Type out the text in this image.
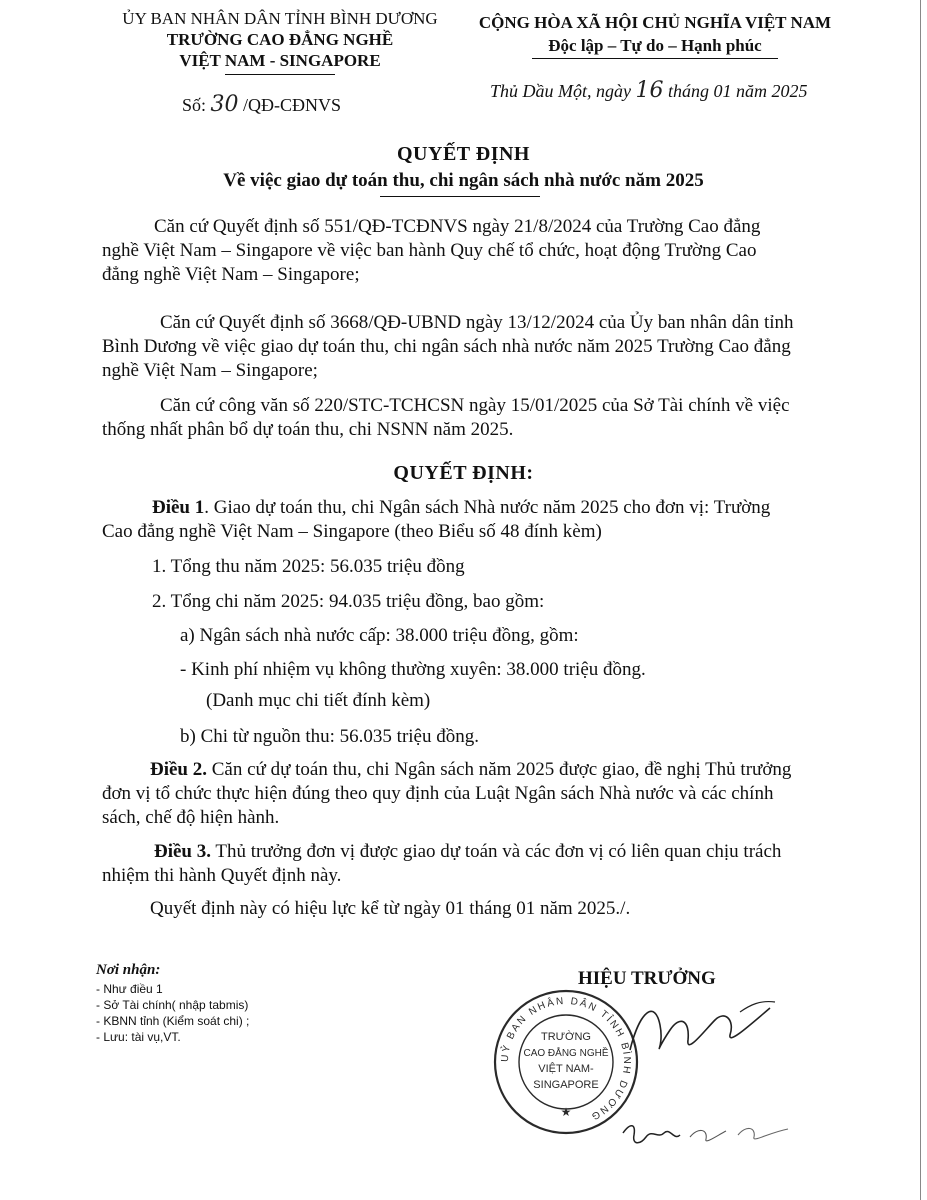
ỦY BAN NHÂN DÂN TỈNH BÌNH DƯƠNG
TRƯỜNG CAO ĐẲNG NGHỀ
VIỆT NAM - SINGAPORE
Số: 30 /QĐ-CĐNVS
CỘNG HÒA XÃ HỘI CHỦ NGHĨA VIỆT NAM
Độc lập – Tự do – Hạnh phúc
Thủ Dầu Một, ngày 16 tháng 01 năm 2025
QUYẾT ĐỊNH
Về việc giao dự toán thu, chi ngân sách nhà nước năm 2025
Căn cứ Quyết định số 551/QĐ-TCĐNVS ngày 21/8/2024 của Trường Cao đẳng nghề Việt Nam – Singapore về việc ban hành Quy chế tổ chức, hoạt động Trường Cao đẳng nghề Việt Nam – Singapore;
Căn cứ Quyết định số 3668/QĐ-UBND ngày 13/12/2024 của Ủy ban nhân dân tỉnh Bình Dương về việc giao dự toán thu, chi ngân sách nhà nước năm 2025 Trường Cao đẳng nghề Việt Nam – Singapore;
Căn cứ công văn số 220/STC-TCHCSN ngày 15/01/2025 của Sở Tài chính về việc thống nhất phân bổ dự toán thu, chi NSNN năm 2025.
QUYẾT ĐỊNH:
Điều 1. Giao dự toán thu, chi Ngân sách Nhà nước năm 2025 cho đơn vị: Trường Cao đẳng nghề Việt Nam – Singapore (theo Biểu số 48 đính kèm)
1. Tổng thu năm 2025: 56.035 triệu đồng
2. Tổng chi năm 2025: 94.035 triệu đồng, bao gồm:
a) Ngân sách nhà nước cấp: 38.000 triệu đồng, gồm:
- Kinh phí nhiệm vụ không thường xuyên: 38.000 triệu đồng.
(Danh mục chi tiết đính kèm)
b) Chi từ nguồn thu: 56.035 triệu đồng.
Điều 2. Căn cứ dự toán thu, chi Ngân sách năm 2025 được giao, đề nghị Thủ trưởng đơn vị tổ chức thực hiện đúng theo quy định của Luật Ngân sách Nhà nước và các chính sách, chế độ hiện hành.
Điều 3. Thủ trưởng đơn vị được giao dự toán và các đơn vị có liên quan chịu trách nhiệm thi hành Quyết định này.
Quyết định này có hiệu lực kể từ ngày 01 tháng 01 năm 2025./.
Nơi nhận:
- Như điều 1
- Sở Tài chính( nhập tabmis)
- KBNN tỉnh (Kiểm soát chi) ;
- Lưu: tài vụ,VT.
HIỆU TRƯỞNG
UỶ BAN NHÂN DÂN TỈNH BÌNH DƯƠNG
TRƯỜNG
CAO ĐẲNG NGHỀ
VIỆT NAM-
SINGAPORE
★
